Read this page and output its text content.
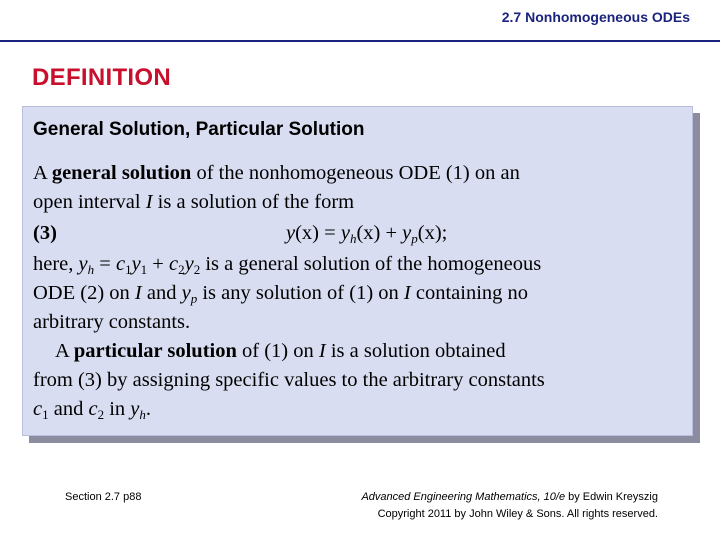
2.7 Nonhomogeneous ODEs
DEFINITION
General Solution, Particular Solution
A general solution of the nonhomogeneous ODE (1) on an
open interval I is a solution of the form
(3)	$y(x) = y_h(x) + y_p(x)$;
here, $y_h = c_1y_1 + c_2y_2$ is a general solution of the homogeneous
ODE (2) on I and $y_p$ is any solution of (1) on I containing no
arbitrary constants.
A particular solution of (1) on I is a solution obtained
from (3) by assigning specific values to the arbitrary constants
$c_1$ and $c_2$ in $y_h$.
Section 2.7 p88	Advanced Engineering Mathematics, 10/e by Edwin Kreyszig
Copyright 2011 by John Wiley & Sons. All rights reserved.
